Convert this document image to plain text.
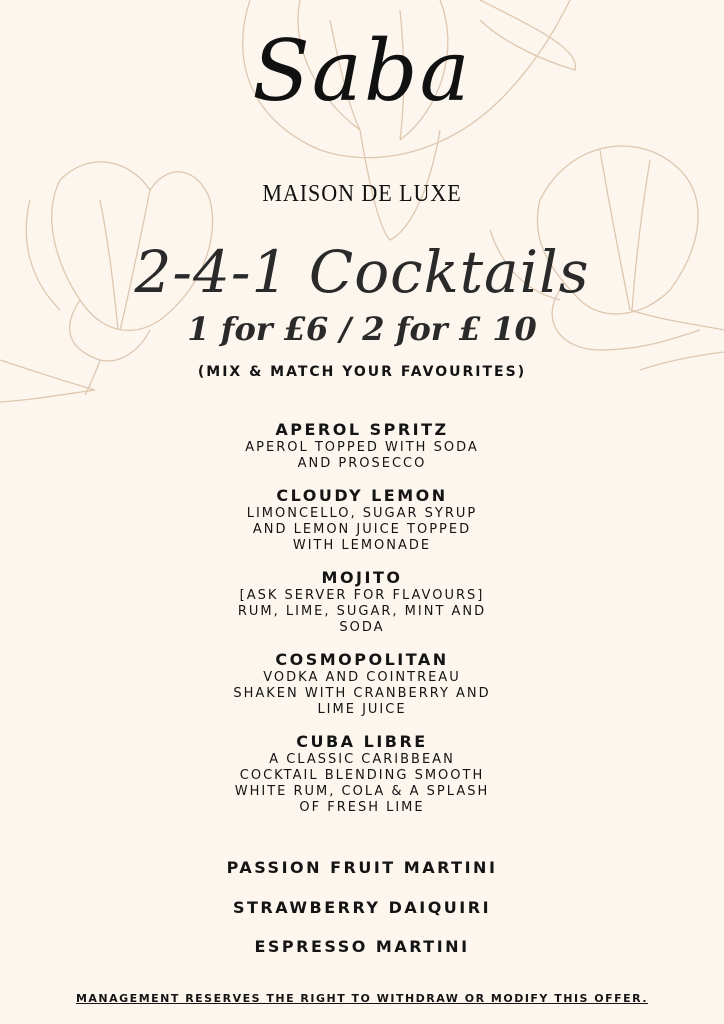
Saba
MAISON DE LUXE
2-4-1 Cocktails
1 for £6 / 2 for £ 10
(MIX & MATCH YOUR FAVOURITES)
APEROL SPRITZ
APEROL TOPPED WITH SODA
AND PROSECCO
CLOUDY LEMON
LIMONCELLO, SUGAR SYRUP
AND LEMON JUICE TOPPED
WITH LEMONADE
MOJITO
[ASK SERVER FOR FLAVOURS]
RUM, LIME, SUGAR, MINT AND
SODA
COSMOPOLITAN
VODKA AND COINTREAU
SHAKEN WITH CRANBERRY AND
LIME JUICE
CUBA LIBRE
A CLASSIC CARIBBEAN
COCKTAIL BLENDING SMOOTH
WHITE RUM, COLA & A SPLASH
OF FRESH LIME
PASSION FRUIT MARTINI
STRAWBERRY DAIQUIRI
ESPRESSO MARTINI
MANAGEMENT RESERVES THE RIGHT TO WITHDRAW OR MODIFY THIS OFFER.
